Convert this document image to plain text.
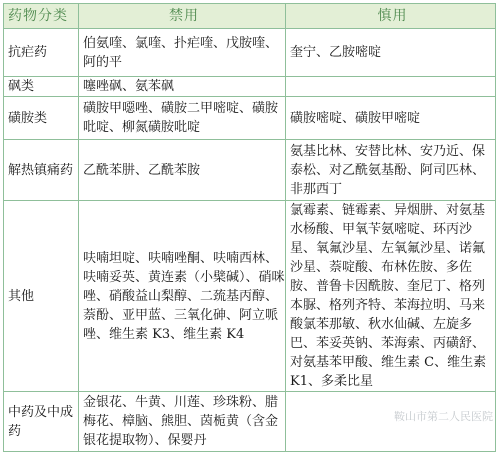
药物分类	禁用	慎用
抗疟药	伯氨喹、氯喹、扑疟喹、戊胺喹、阿的平	奎宁、乙胺嘧啶
砜类	噻唑砜、氨苯砜	
磺胺类	磺胺甲噁唑、磺胺二甲嘧啶、磺胺吡啶、柳氮磺胺吡啶	磺胺嘧啶、磺胺甲嘧啶
解热镇痛药	乙酰苯肼、乙酰苯胺	氨基比林、安替比林、安乃近、保泰松、对乙酰氨基酚、阿司匹林、非那西丁
其他	呋喃坦啶、呋喃唑酮、呋喃西林、呋喃妥英、黄连素（小檗碱）、硝咪唑、硝酸益山梨醇、二巯基丙醇、萘酚、亚甲蓝、三氧化砷、阿立哌唑、维生素 K3、维生素 K4	氯霉素、链霉素、异烟肼、对氨基水杨酸、甲氧苄氨嘧啶、环丙沙星、氧氟沙星、左氧氟沙星、诺氟沙星、萘啶酸、布林佐胺、多佐胺、普鲁卡因酰胺、奎尼丁、格列本脲、格列齐特、苯海拉明、马来酸氯苯那敏、秋水仙碱、左旋多巴、苯妥英钠、苯海索、丙磺舒、对氨基苯甲酸、维生素 C、维生素 K1、多柔比星
中药及中成药	金银花、牛黄、川莲、珍珠粉、腊梅花、樟脑、熊胆、茵栀黄（含金银花提取物）、保婴丹	
鞍山市第二人民医院
